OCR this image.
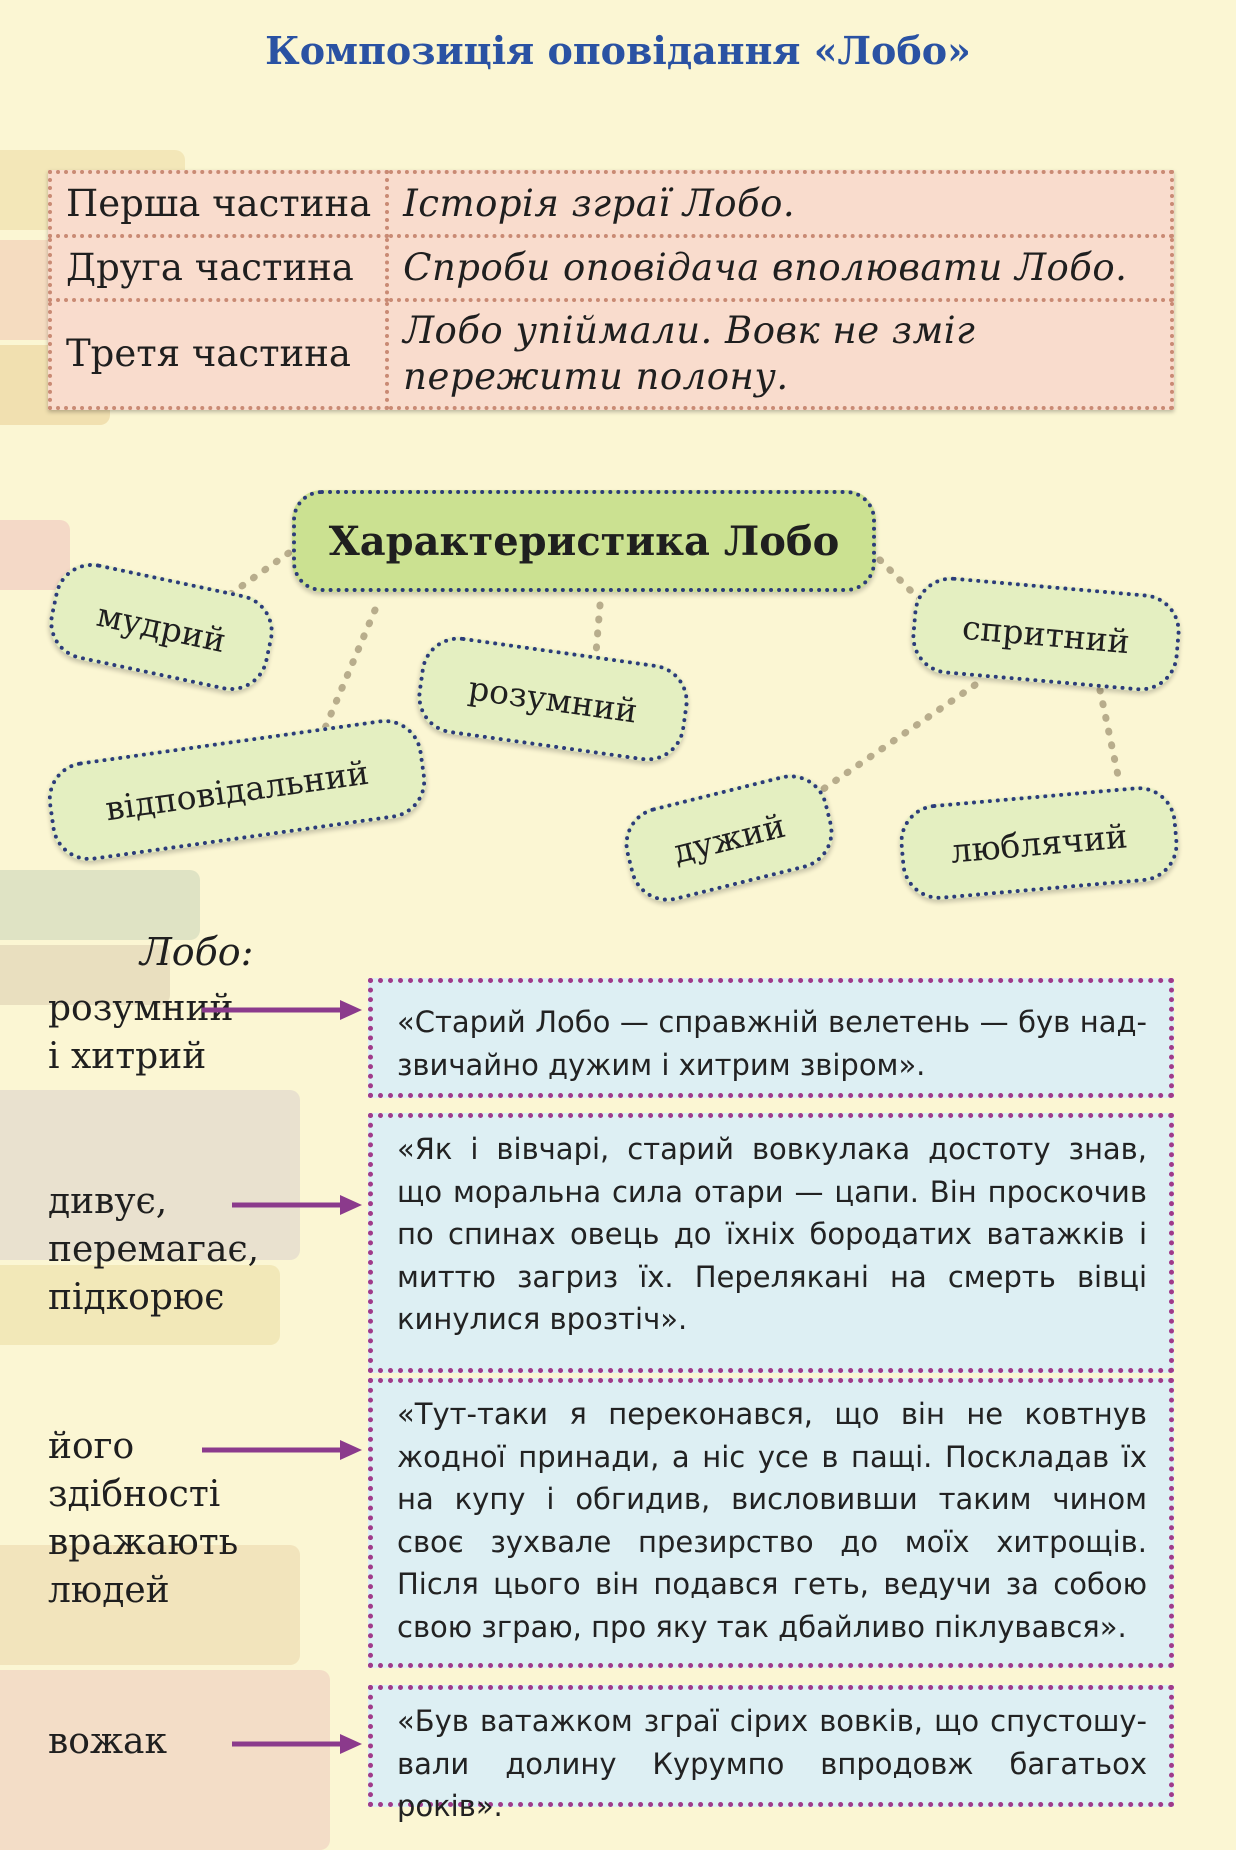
Композиція оповідання «Лобо»
Перша частина	Історія зграї Лобо.
Друга частина	Спроби оповідача вполювати Лобо.
Третя частина	Лобо упіймали. Вовк не зміг пережити полону.
Характеристика Лобо
мудрий
розумний
відповідальний
спритний
дужий	люблячий
Лобо:
розумний і хитрий
«Старий Лобо — справжній велетень — був надзвичайно дужим і хитрим звіром».
дивує, перемагає, підкорює
«Як і вівчарі, старий вовкулака достоту знав, що моральна сила отари — цапи. Він проскочив по спинах овець до їхніх бородатих ватажків і миттю загриз їх. Перелякані на смерть вівці кинулися врозтіч».
його здібності вражають людей
«Тут-таки я переконався, що він не ковтнув жодної принади, а ніс усе в пащі. Поскладав їх на купу і обгидив, висловивши таким чином своє зухвале презирство до моїх хитрощів. Після цього він подався геть, ведучи за собою свою зграю, про яку так дбайливо піклувався».
вожак	«Був ватажком зграї сірих вовків, що спустошували долину Курумпо впродовж багатьох років».
